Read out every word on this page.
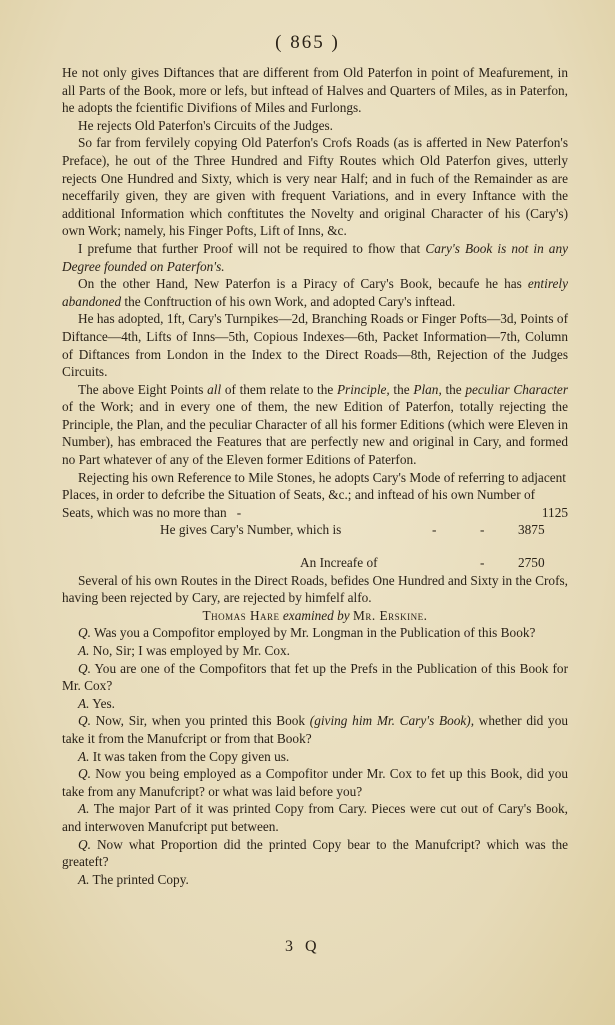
( 865 )

He not only gives Diftances that are different from Old Paterfon in point of Meafurement, in all Parts of the Book, more or lefs, but inftead of Halves and Quarters of Miles, as in Paterfon, he adopts the fcientific Divifions of Miles and Furlongs.

He rejects Old Paterfon's Circuits of the Judges.

So far from fervilely copying Old Paterfon's Crofs Roads (as is afferted in New Paterfon's Preface), he out of the Three Hundred and Fifty Routes which Old Paterfon gives, utterly rejects One Hundred and Sixty, which is very near Half; and in fuch of the Remainder as are neceffarily given, they are given with frequent Variations, and in every Inftance with the additional Information which conftitutes the Novelty and original Character of his (Cary's) own Work; namely, his Finger Pofts, Lift of Inns, &c.

I prefume that further Proof will not be required to fhow that Cary's Book is not in any Degree founded on Paterfon's.

On the other Hand, New Paterfon is a Piracy of Cary's Book, becaufe he has entirely abandoned the Conftruction of his own Work, and adopted Cary's inftead.

He has adopted, 1ft, Cary's Turnpikes—2d, Branching Roads or Finger Pofts—3d, Points of Diftance—4th, Lifts of Inns—5th, Copious Indexes—6th, Packet Information—7th, Column of Diftances from London in the Index to the Direct Roads—8th, Rejection of the Judges Circuits.

The above Eight Points all of them relate to the Principle, the Plan, the peculiar Character of the Work; and in every one of them, the new Edition of Paterfon, totally rejecting the Principle, the Plan, and the peculiar Character of all his former Editions (which were Eleven in Number), has embraced the Features that are perfectly new and original in Cary, and formed no Part whatever of any of the Eleven former Editions of Paterfon.

Rejecting his own Reference to Mile Stones, he adopts Cary's Mode of referring to adjacent Places, in order to defcribe the Situation of Seats, &c.; and inftead of his own Number of Seats, which was no more than -	1125

He gives Cary's Number, which is	-	-	3875
An Increafe of	-	2750

Several of his own Routes in the Direct Roads, befides One Hundred and Sixty in the Crofs, having been rejected by Cary, are rejected by himfelf alfo.

Thomas Hare examined by Mr. Erskine.

Q. Was you a Compofitor employed by Mr. Longman in the Publication of this Book?

A. No, Sir; I was employed by Mr. Cox.

Q. You are one of the Compofitors that fet up the Prefs in the Publication of this Book for Mr. Cox?

A. Yes.

Q. Now, Sir, when you printed this Book (giving him Mr. Cary's Book), whether did you take it from the Manufcript or from that Book?

A. It was taken from the Copy given us.

Q. Now you being employed as a Compofitor under Mr. Cox to fet up this Book, did you take from any Manufcript? or what was laid before you?

A. The major Part of it was printed Copy from Cary. Pieces were cut out of Cary's Book, and interwoven Manufcript put between.

Q. Now what Proportion did the printed Copy bear to the Manufcript? which was the greateft?

A. The printed Copy.

3 Q
